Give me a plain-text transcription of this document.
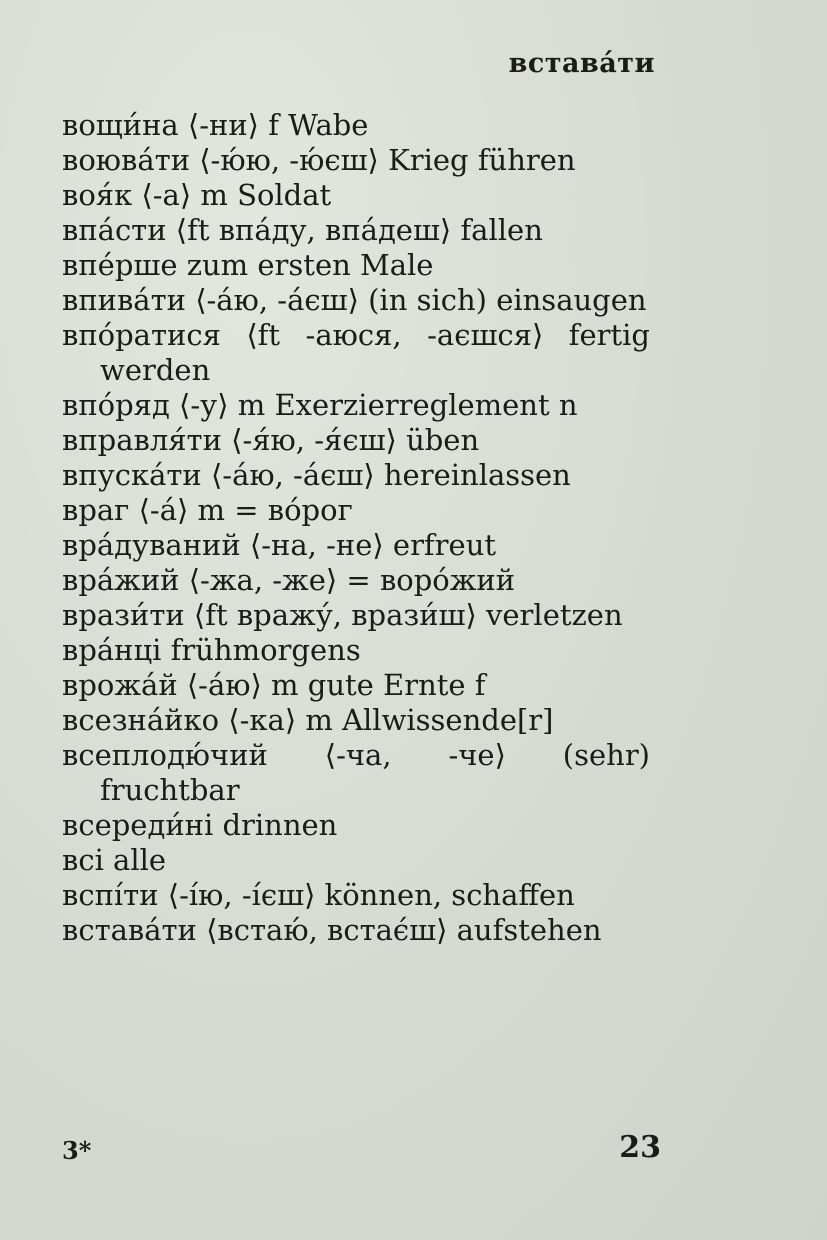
вставáти

вощи́на ⟨-ни⟩ f Wabe

воювáти ⟨-ю́ю, -ю́єш⟩ Krieg führen

воя́к ⟨-а⟩ m Soldat

впáсти ⟨ft впáду, впáдеш⟩ fallen

впéрше zum ersten Male

впивáти ⟨-áю, -áєш⟩ (in sich) einsaugen

впóратися ⟨ft -аюся, -аєшся⟩ fertig werden

впóряд ⟨-у⟩ m Exerzierreglement n

вправля́ти ⟨-я́ю, -я́єш⟩ üben

впускáти ⟨-áю, -áєш⟩ hereinlassen

враг ⟨-á⟩ m = вóрог

врáдуваний ⟨-на, -не⟩ erfreut

врáжий ⟨-жа, -же⟩ = ворóжий

врази́ти ⟨ft вражу́, врази́ш⟩ verletzen

врáнці frühmorgens

врожáй ⟨-áю⟩ m gute Ernte f

всезнáйко ⟨-ка⟩ m Allwissende[r]

всеплодю́чий ⟨-ча, -че⟩ (sehr) fruchtbar

всереди́ні drinnen

всі alle

вспíти ⟨-íю, -íєш⟩ können, schaffen

вставáти ⟨встаю́, встає́ш⟩ aufstehen

3*	23
